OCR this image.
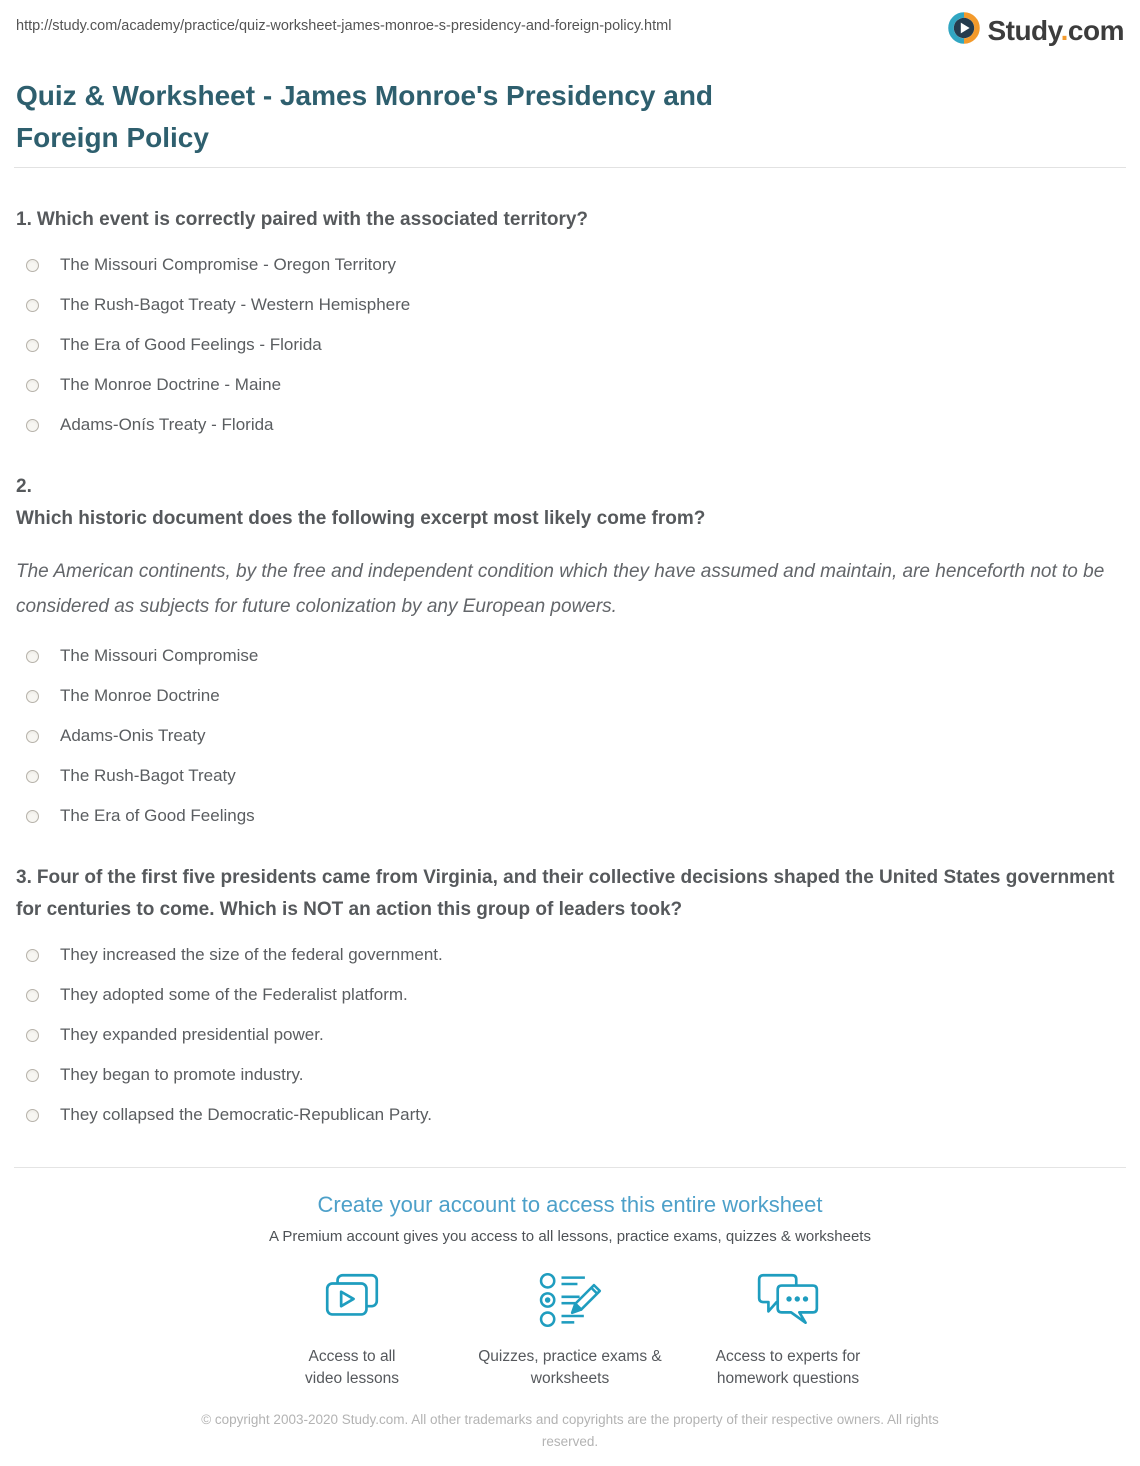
http://study.com/academy/practice/quiz-worksheet-james-monroe-s-presidency-and-foreign-policy.html	Study.com
Quiz & Worksheet - James Monroe's Presidency and Foreign Policy
1. Which event is correctly paired with the associated territory?
The Missouri Compromise - Oregon Territory
The Rush-Bagot Treaty - Western Hemisphere
The Era of Good Feelings - Florida
The Monroe Doctrine - Maine
Adams-Onís Treaty - Florida
2.
Which historic document does the following excerpt most likely come from?

The American continents, by the free and independent condition which they have assumed and maintain, are henceforth not to be considered as subjects for future colonization by any European powers.

The Missouri Compromise
The Monroe Doctrine
Adams-Onis Treaty
The Rush-Bagot Treaty
The Era of Good Feelings
3. Four of the first five presidents came from Virginia, and their collective decisions shaped the United States government for centuries to come. Which is NOT an action this group of leaders took?
They increased the size of the federal government.
They adopted some of the Federalist platform.
They expanded presidential power.
They began to promote industry.
They collapsed the Democratic-Republican Party.
Create your account to access this entire worksheet

A Premium account gives you access to all lessons, practice exams, quizzes & worksheets

Access to all video lessons

Quizzes, practice exams & worksheets

Access to experts for homework questions

© copyright 2003-2020 Study.com. All other trademarks and copyrights are the property of their respective owners. All rights reserved.
